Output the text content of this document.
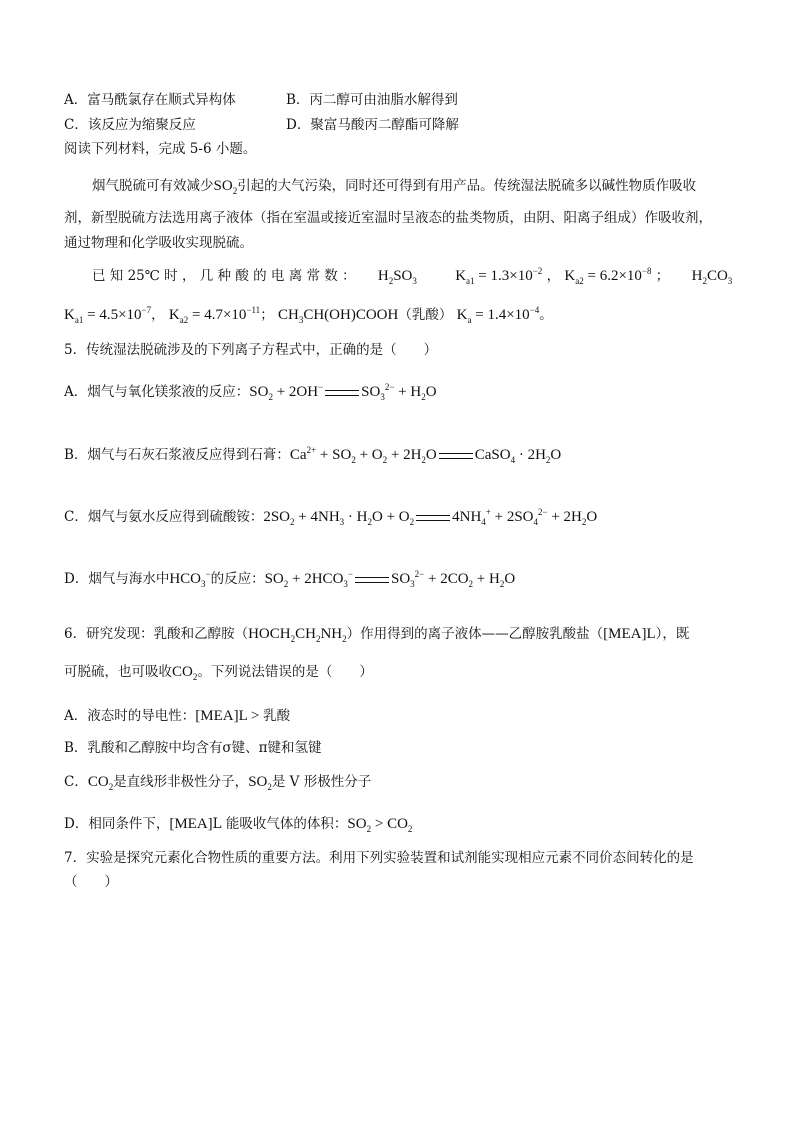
A．富马酰氯存在顺式异构体	B．丙二醇可由油脂水解得到
C．该反应为缩聚反应	D．聚富马酸丙二醇酯可降解
阅读下列材料，完成 5-6 小题。
烟气脱硫可有效减少$SO_2$引起的大气污染，同时还可得到有用产品。传统湿法脱硫多以碱性物质作吸收
剂，新型脱硫方法选用离子液体（指在室温或接近室温时呈液态的盐类物质，由阴、阳离子组成）作吸收剂，
通过物理和化学吸收实现脱硫。
已 知 25℃ 时 ， 几 种 酸 的 电 离 常 数 ： $H_2SO_3$	$K_{a1} = 1.3\times 10^{-2}$ ， $K_{a2} = 6.2\times 10^{-8}$ ； $H_2CO_3$
$K_{a1} = 4.5\times 10^{-7}$， $K_{a2} = 4.7\times 10^{-11}$； $CH_3CH(OH)COOH$（乳酸） $K_a = 1.4\times 10^{-4}$。
5．传统湿法脱硫涉及的下列离子方程式中，正确的是（　　）
A．烟气与氧化镁浆液的反应：$SO_2 + 2OH^-$	$SO_3^{2-} + H_2O$
B．烟气与石灰石浆液反应得到石膏：$Ca^{2+} + SO_2 + O_2 + 2H_2O$	CaSO$_4$ · $2H_2O$
C．烟气与氨水反应得到硫酸铵：$2SO_2 + 4NH_3 \cdot H_2O + O_2$	$4NH_4^+ + 2SO_4^{2-} + 2H_2O$
D．烟气与海水中$HCO_3^-$的反应：$SO_2 + 2HCO_3^-$	$SO_3^{2-} + 2CO_2 + H_2O$
6．研究发现：乳酸和乙醇胺$(HOCH_2CH_2NH_2)$作用得到的离子液体——乙醇胺乳酸盐（[MEA]L），既
可脱硫，也可吸收$CO_2$。下列说法错误的是（　　）
A．液态时的导电性：[MEA]L > 乳酸
B．乳酸和乙醇胺中均含有σ键、π键和氢键
C．$CO_2$是直线形非极性分子，$SO_2$是 V 形极性分子
D．相同条件下，[MEA]L 能吸收气体的体积：$SO_2 > CO_2$
7．实验是探究元素化合物性质的重要方法。利用下列实验装置和试剂能实现相应元素不同价态间转化的是
（　　）
